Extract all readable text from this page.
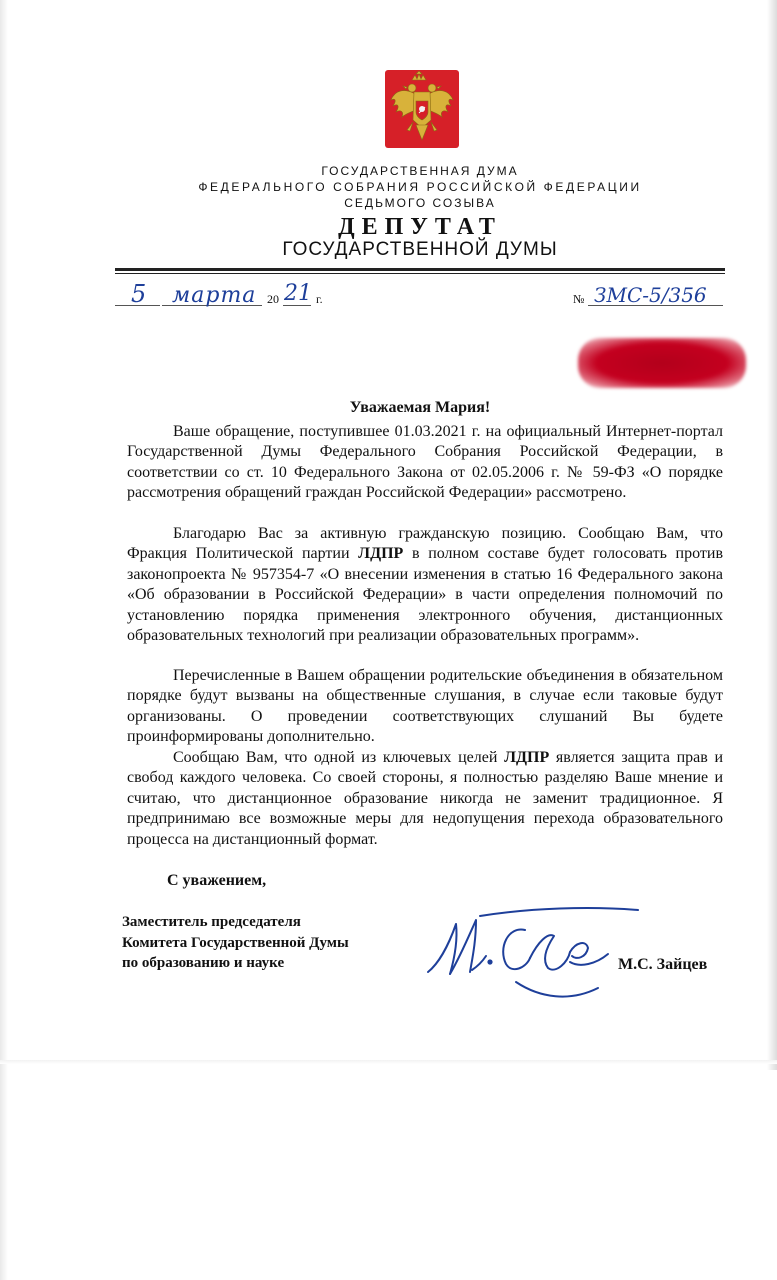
ГОСУДАРСТВЕННАЯ ДУМА
ФЕДЕРАЛЬНОГО СОБРАНИЯ РОССИЙСКОЙ ФЕДЕРАЦИИ
СЕДЬМОГО СОЗЫВА
ДЕПУТАТ
ГОСУДАРСТВЕННОЙ ДУМЫ
5 марта 20 21 г.	№ ЗМС-5/356
Уважаемая Мария!

Ваше обращение, поступившее 01.03.2021 г. на официальный Интернет-портал Государственной Думы Федерального Собрания Российской Федерации, в соответствии со ст. 10 Федерального Закона от 02.05.2006 г. № 59-ФЗ «О порядке рассмотрения обращений граждан Российской Федерации» рассмотрено.

Благодарю Вас за активную гражданскую позицию. Сообщаю Вам, что Фракция Политической партии ЛДПР в полном составе будет голосовать против законопроекта № 957354-7 «О внесении изменения в статью 16 Федерального закона «Об образовании в Российской Федерации» в части определения полномочий по установлению порядка применения электронного обучения, дистанционных образовательных технологий при реализации образовательных программ».

Перечисленные в Вашем обращении родительские объединения в обязательном порядке будут вызваны на общественные слушания, в случае если таковые будут организованы. О проведении соответствующих слушаний Вы будете проинформированы дополнительно.

Сообщаю Вам, что одной из ключевых целей ЛДПР является защита прав и свобод каждого человека. Со своей стороны, я полностью разделяю Ваше мнение и считаю, что дистанционное образование никогда не заменит традиционное. Я предпринимаю все возможные меры для недопущения перехода образовательного процесса на дистанционный формат.

С уважением,
Заместитель председателя
Комитета Государственной Думы
по образованию и науке	М.С. Зайцев
